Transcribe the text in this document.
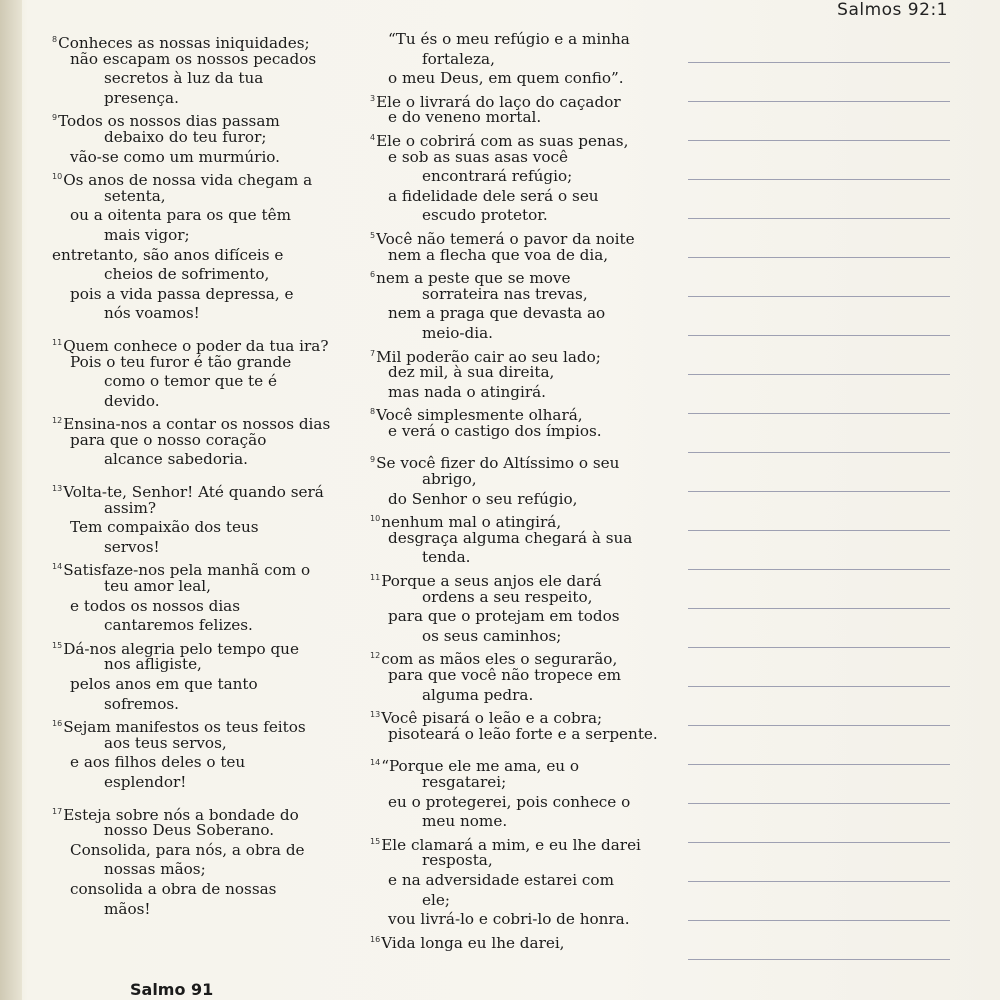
Salmos 92:1
$^8$Conheces as nossas iniquidades;
não escapam os nossos pecados
secretos à luz da tua
presença.
$^9$Todos os nossos dias passam
debaixo do teu furor;
vão-se como um murmúrio.
$^{10}$Os anos de nossa vida chegam a
setenta,
ou a oitenta para os que têm
mais vigor;
entretanto, são anos difíceis e
cheios de sofrimento,
pois a vida passa depressa, e
nós voamos!
$^{11}$Quem conhece o poder da tua ira?
Pois o teu furor é tão grande
como o temor que te é
devido.
$^{12}$Ensina-nos a contar os nossos dias
para que o nosso coração
alcance sabedoria.
$^{13}$Volta-te, Senhor! Até quando será
assim?
Tem compaixão dos teus
servos!
$^{14}$Satisfaze-nos pela manhã com o
teu amor leal,
e todos os nossos dias
cantaremos felizes.
$^{15}$Dá-nos alegria pelo tempo que
nos afligiste,
pelos anos em que tanto
sofremos.
$^{16}$Sejam manifestos os teus feitos
aos teus servos,
e aos filhos deles o teu
esplendor!
$^{17}$Esteja sobre nós a bondade do
nosso Deus Soberano.
Consolida, para nós, a obra de
nossas mãos;
consolida a obra de nossas
mãos!
Salmo 91
“Tu és o meu refúgio e a minha
fortaleza,
o meu Deus, em quem confio”.
$^3$Ele o livrará do laço do caçador
e do veneno mortal.
$^4$Ele o cobrirá com as suas penas,
e sob as suas asas você
encontrará refúgio;
a fidelidade dele será o seu
escudo protetor.
$^5$Você não temerá o pavor da noite
nem a flecha que voa de dia,
$^6$nem a peste que se move
sorrateira nas trevas,
nem a praga que devasta ao
meio-dia.
$^7$Mil poderão cair ao seu lado;
dez mil, à sua direita,
mas nada o atingirá.
$^8$Você simplesmente olhará,
e verá o castigo dos ímpios.
$^9$Se você fizer do Altíssimo o seu
abrigo,
do Senhor o seu refúgio,
$^{10}$nenhum mal o atingirá,
desgraça alguma chegará à sua
tenda.
$^{11}$Porque a seus anjos ele dará
ordens a seu respeito,
para que o protejam em todos
os seus caminhos;
$^{12}$com as mãos eles o segurarão,
para que você não tropece em
alguma pedra.
$^{13}$Você pisará o leão e a cobra;
pisoteará o leão forte e a serpente.
$^{14}$“Porque ele me ama, eu o
resgatarei;
eu o protegerei, pois conhece o
meu nome.
$^{15}$Ele clamará a mim, e eu lhe darei
resposta,
e na adversidade estarei com
ele;
vou livrá-lo e cobri-lo de honra.
$^{16}$Vida longa eu lhe darei,
